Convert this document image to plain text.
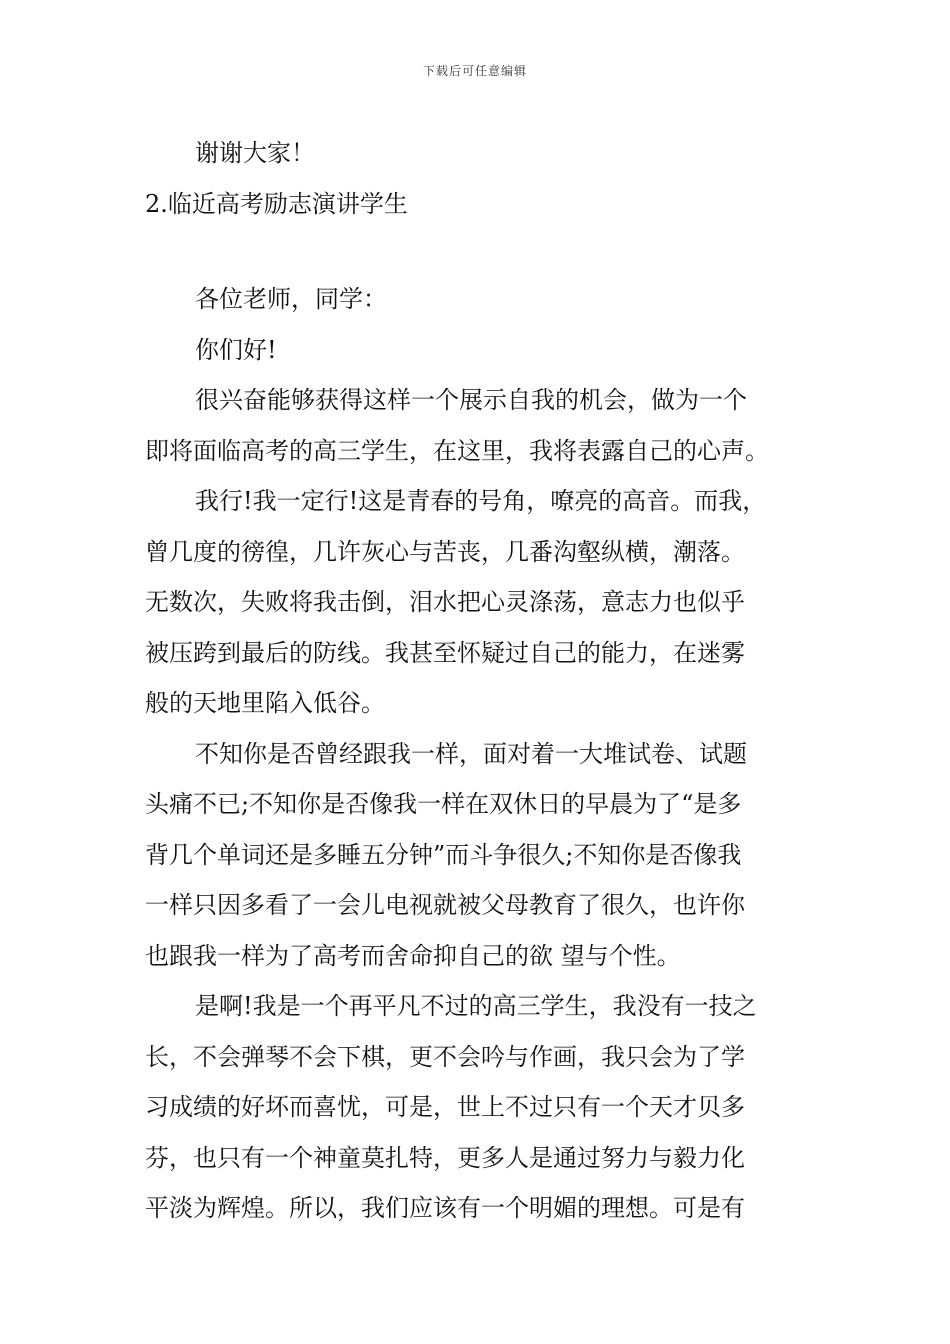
下载后可任意编辑
谢谢大家！
2.临近高考励志演讲学生
各位老师，同学：
你们好!
很兴奋能够获得这样一个展示自我的机会，做为一个
即将面临高考的高三学生，在这里，我将表露自己的心声。
我行!我一定行!这是青春的号角，嘹亮的高音。而我，
曾几度的徬徨，几许灰心与苦丧，几番沟壑纵横，潮落。
无数次，失败将我击倒，泪水把心灵涤荡，意志力也似乎
被压跨到最后的防线。我甚至怀疑过自己的能力，在迷雾
般的天地里陷入低谷。
不知你是否曾经跟我一样，面对着一大堆试卷、试题
头痛不已;不知你是否像我一样在双休日的早晨为了“是多
背几个单词还是多睡五分钟”而斗争很久;不知你是否像我
一样只因多看了一会儿电视就被父母教育了很久，也许你
也跟我一样为了高考而舍命抑自己的欲 望与个性。
是啊!我是一个再平凡不过的高三学生，我没有一技之
长，不会弹琴不会下棋，更不会吟与作画，我只会为了学
习成绩的好坏而喜忧，可是，世上不过只有一个天才贝多
芬，也只有一个神童莫扎特，更多人是通过努力与毅力化
平淡为辉煌。所以，我们应该有一个明媚的理想。可是有
